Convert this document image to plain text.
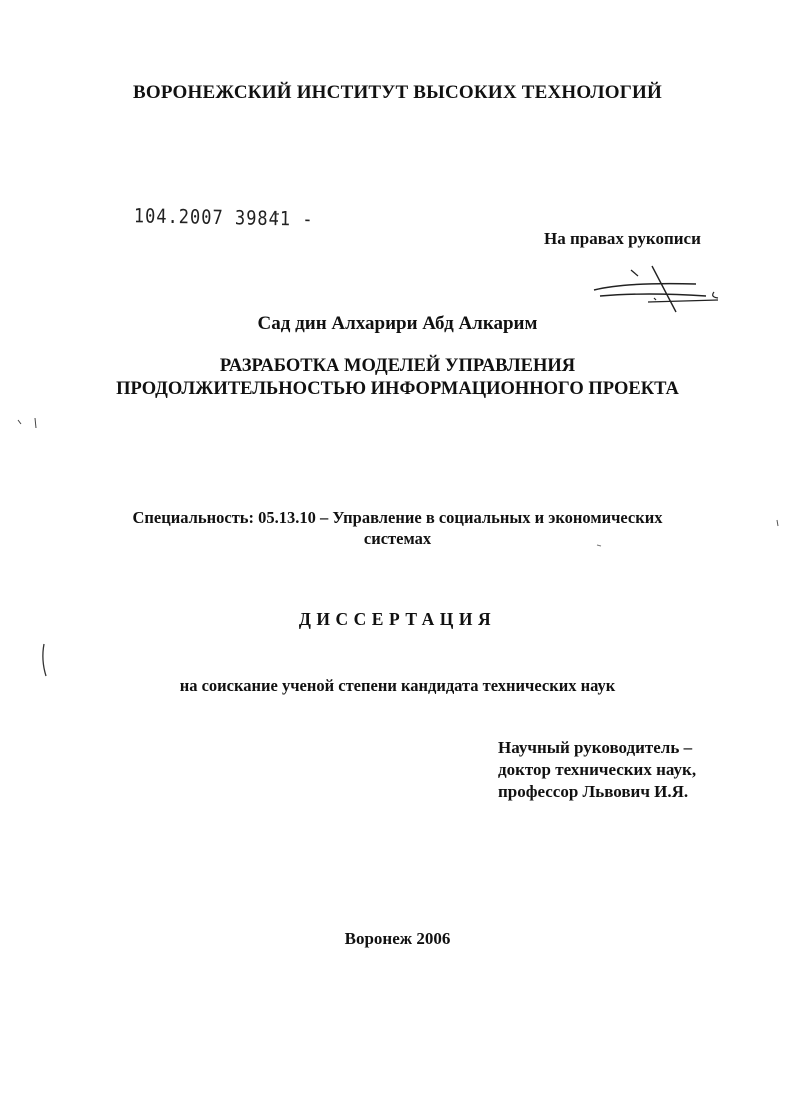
ВОРОНЕЖСКИЙ ИНСТИТУТ ВЫСОКИХ ТЕХНОЛОГИЙ
104.2007 39841 -
На правах рукописи
Сад дин Алхарири Абд Алкарим
РАЗРАБОТКА МОДЕЛЕЙ УПРАВЛЕНИЯ
ПРОДОЛЖИТЕЛЬНОСТЬЮ ИНФОРМАЦИОННОГО ПРОЕКТА
Специальность: 05.13.10 – Управление в социальных и экономических
системах
ДИССЕРТАЦИЯ
на соискание ученой степени кандидата технических наук
Научный руководитель –
доктор технических наук,
профессор Львович И.Я.
Воронеж 2006
